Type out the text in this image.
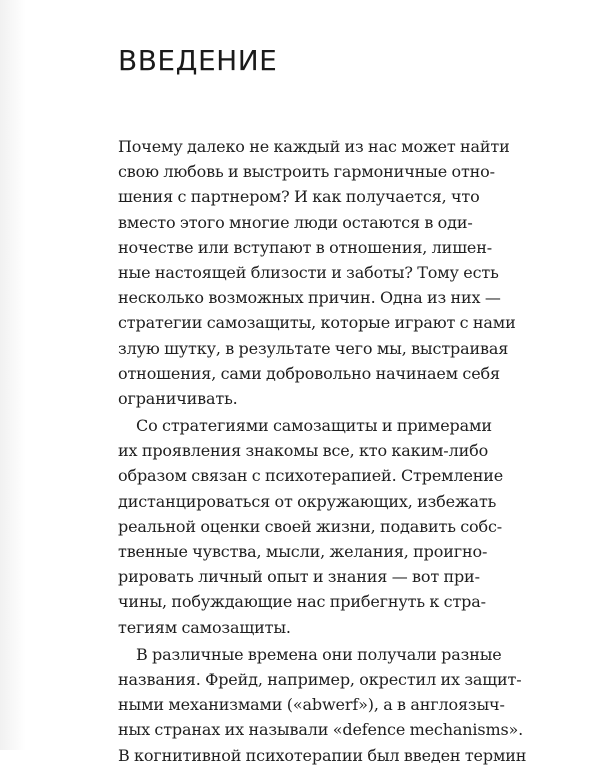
ВВЕДЕНИЕ

Почему далеко не каждый из нас может найти
свою любовь и выстроить гармоничные отно-
шения с партнером? И как получается, что
вместо этого многие люди остаются в оди-
ночестве или вступают в отношения, лишен-
ные настоящей близости и заботы? Тому есть
несколько возможных причин. Одна из них —
стратегии самозащиты, которые играют с нами
злую шутку, в результате чего мы, выстраивая
отношения, сами добровольно начинаем себя
ограничивать.

Со стратегиями самозащиты и примерами
их проявления знакомы все, кто каким-либо
образом связан с психотерапией. Стремление
дистанцироваться от окружающих, избежать
реальной оценки своей жизни, подавить собс-
твенные чувства, мысли, желания, проигно-
рировать личный опыт и знания — вот при-
чины, побуждающие нас прибегнуть к стра-
тегиям самозащиты.

В различные времена они получали разные
названия. Фрейд, например, окрестил их защит-
ными механизмами («abwerf»), а в англоязыч-
ных странах их называли «defence mechanisms».
В когнитивной психотерапии был введен термин
